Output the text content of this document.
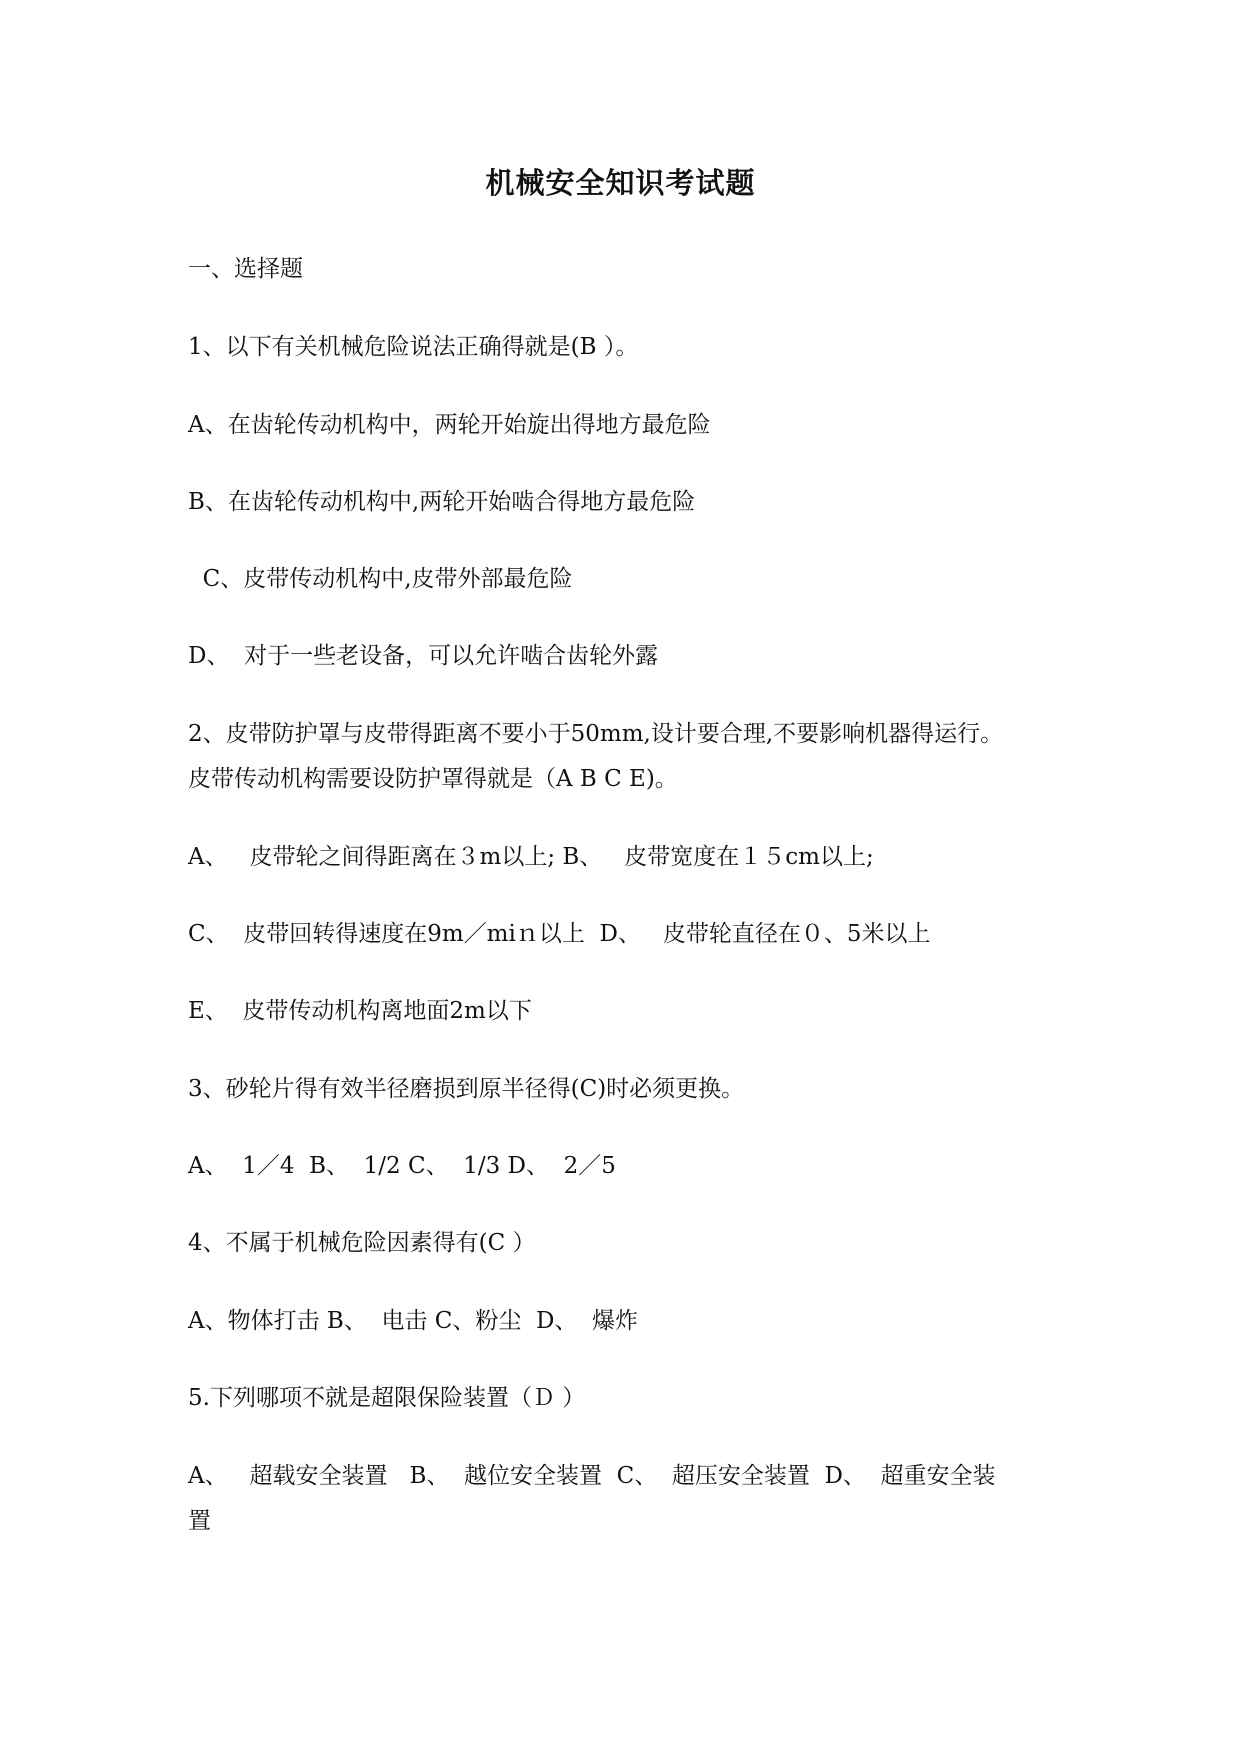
机械安全知识考试题
一、选择题
1、以下有关机械危险说法正确得就是(B ）。
A、在齿轮传动机构中，两轮开始旋出得地方最危险
B、在齿轮传动机构中,两轮开始啮合得地方最危险
C、皮带传动机构中,皮带外部最危险
D、  对于一些老设备，可以允许啮合齿轮外露
2、皮带防护罩与皮带得距离不要小于50mm,设计要合理,不要影响机器得运行。
皮带传动机构需要设防护罩得就是（A B C E)。
A、   皮带轮之间得距离在３m以上; B、   皮带宽度在１５cm以上;
C、  皮带回转得速度在9m／miｎ以上  D、   皮带轮直径在０、5米以上
E、  皮带传动机构离地面2m以下
3、砂轮片得有效半径磨损到原半径得(C)时必须更换。
A、  1／4  B、  1/2 C、  1/3 D、  2／5
4、不属于机械危险因素得有(C ）
A、物体打击 B、  电击 C、粉尘  D、  爆炸
5.下列哪项不就是超限保险装置（Ｄ ）
A、   超载安全装置   B、  越位安全装置  C、  超压安全装置  D、  超重安全装
置
